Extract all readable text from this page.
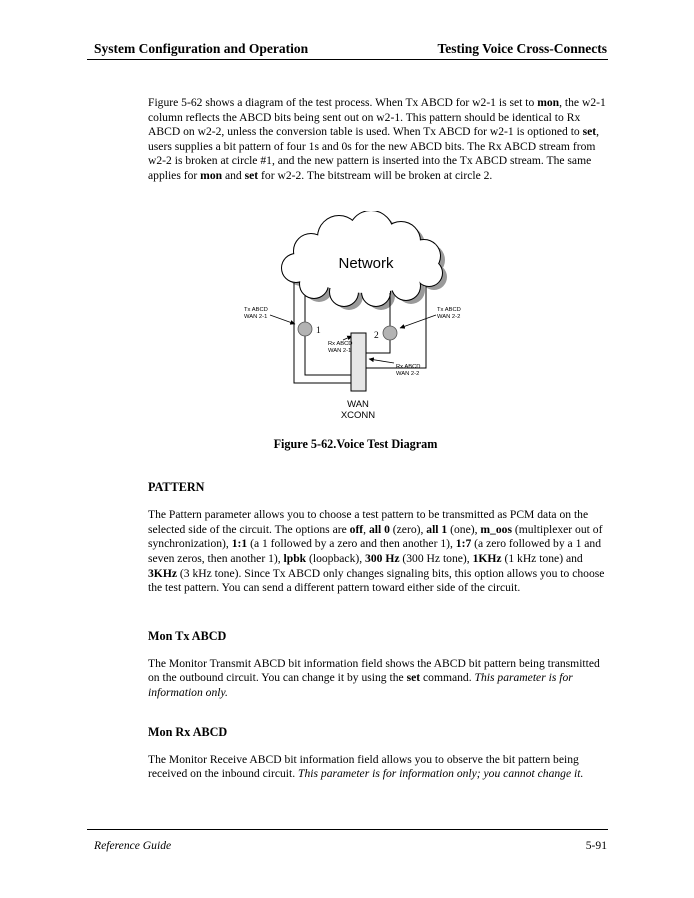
System Configuration and Operation	Testing Voice Cross-Connects

Figure 5-62 shows a diagram of the test process. When Tx ABCD for w2-1 is set to mon, the w2-1 column reflects the ABCD bits being sent out on w2-1. This pattern should be identical to Rx ABCD on w2-2, unless the conversion table is used. When Tx ABCD for w2-1 is optioned to set, users supplies a bit pattern of four 1s and 0s for the new ABCD bits. The Rx ABCD stream from w2-2 is broken at circle #1, and the new pattern is inserted into the Tx ABCD stream. The same applies for mon and set for w2-2. The bitstream will be broken at circle 2.

Network
1	2
Tx ABCD
WAN 2-1
Rx ABCD
WAN 2-1
Tx ABCD
WAN 2-2
Rx ABCD
WAN 2-2
WAN
XCONN
Figure 5-62.Voice Test Diagram
PATTERN

The Pattern parameter allows you to choose a test pattern to be transmitted as PCM data on the selected side of the circuit. The options are off, all 0 (zero), all 1 (one), m_oos (multiplexer out of synchronization), 1:1 (a 1 followed by a zero and then another 1), 1:7 (a zero followed by a 1 and seven zeros, then another 1), lpbk (loopback), 300 Hz (300 Hz tone), 1KHz (1 kHz tone) and 3KHz (3 kHz tone). Since Tx ABCD only changes signaling bits, this option allows you to choose the test pattern. You can send a different pattern toward either side of the circuit.

Mon Tx ABCD

The Monitor Transmit ABCD bit information field shows the ABCD bit pattern being transmitted on the outbound circuit. You can change it by using the set command. This parameter is for information only.

Mon Rx ABCD

The Monitor Receive ABCD bit information field allows you to observe the bit pattern being received on the inbound circuit. This parameter is for information only; you cannot change it.

Reference Guide	5-91
